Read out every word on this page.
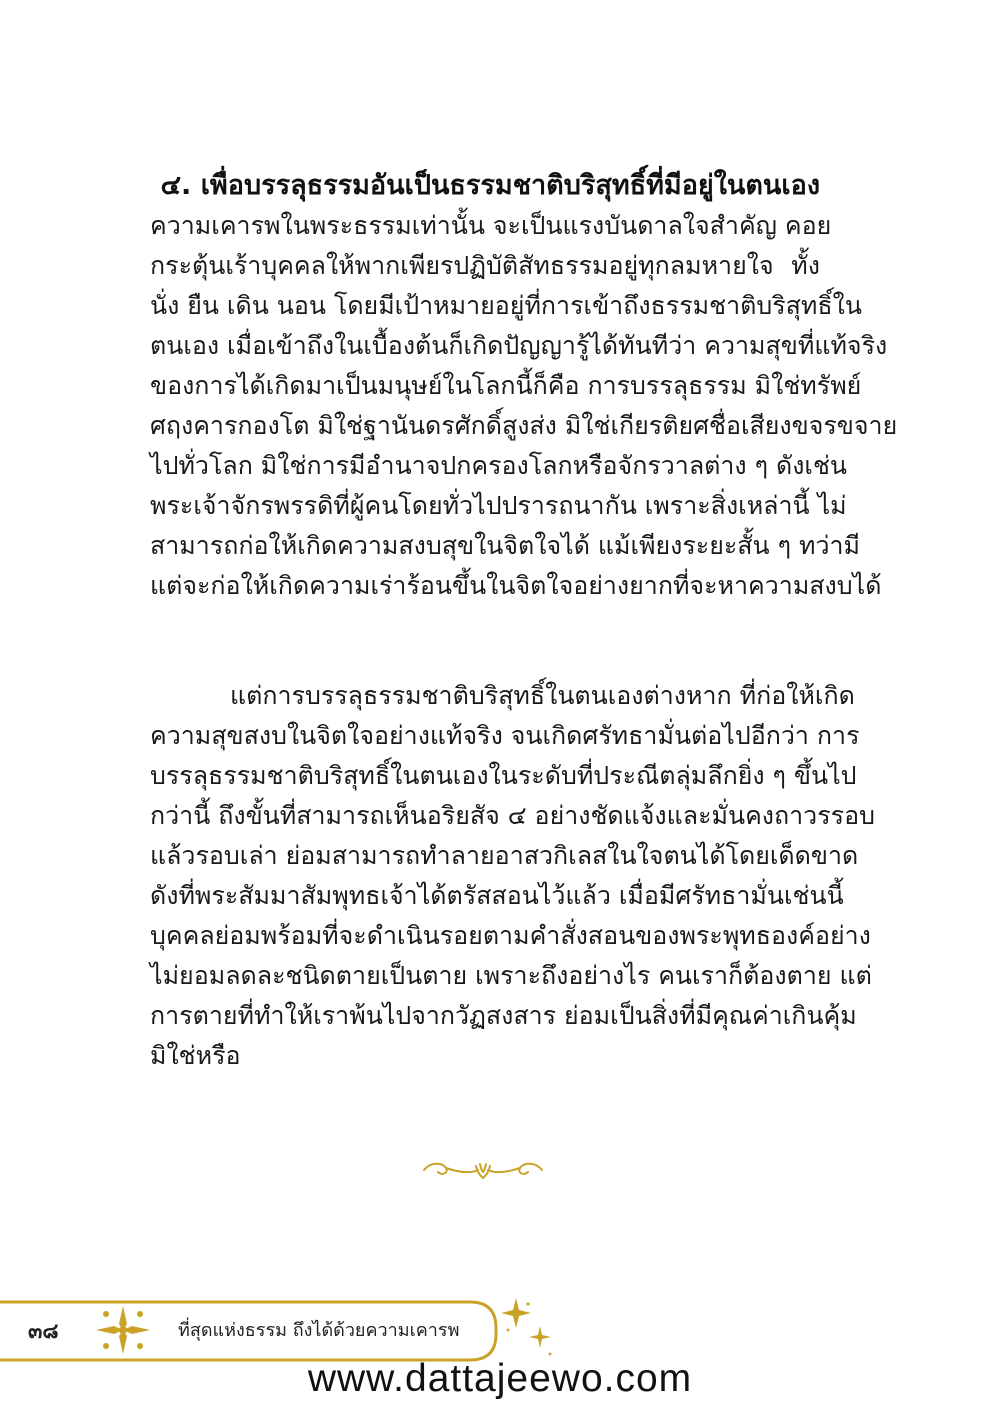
๔. เพื่อบรรลุธรรมอันเป็นธรรมชาติบริสุทธิ์ที่มีอยู่ในตนเอง
ความเคารพในพระธรรมเท่านั้น จะเป็นแรงบันดาลใจสำคัญ คอย
กระตุ้นเร้าบุคคลให้พากเพียรปฏิบัติสัทธรรมอยู่ทุกลมหายใจ ทั้ง
นั่ง ยืน เดิน นอน โดยมีเป้าหมายอยู่ที่การเข้าถึงธรรมชาติบริสุทธิ์ใน
ตนเอง เมื่อเข้าถึงในเบื้องต้นก็เกิดปัญญารู้ได้ทันทีว่า ความสุขที่แท้จริง
ของการได้เกิดมาเป็นมนุษย์ในโลกนี้ก็คือ การบรรลุธรรม มิใช่ทรัพย์
ศฤงคารกองโต มิใช่ฐานันดรศักดิ์สูงส่ง มิใช่เกียรติยศชื่อเสียงขจรขจาย
ไปทั่วโลก มิใช่การมีอำนาจปกครองโลกหรือจักรวาลต่าง ๆ ดังเช่น
พระเจ้าจักรพรรดิที่ผู้คนโดยทั่วไปปรารถนากัน เพราะสิ่งเหล่านี้ ไม่
สามารถก่อให้เกิดความสงบสุขในจิตใจได้ แม้เพียงระยะสั้น ๆ ทว่ามี
แต่จะก่อให้เกิดความเร่าร้อนขึ้นในจิตใจอย่างยากที่จะหาความสงบได้
แต่การบรรลุธรรมชาติบริสุทธิ์ในตนเองต่างหาก ที่ก่อให้เกิด
ความสุขสงบในจิตใจอย่างแท้จริง จนเกิดศรัทธามั่นต่อไปอีกว่า การ
บรรลุธรรมชาติบริสุทธิ์ในตนเองในระดับที่ประณีตลุ่มลึกยิ่ง ๆ ขึ้นไป
กว่านี้ ถึงขั้นที่สามารถเห็นอริยสัจ ๔ อย่างชัดแจ้งและมั่นคงถาวรรอบ
แล้วรอบเล่า ย่อมสามารถทำลายอาสวกิเลสในใจตนได้โดยเด็ดขาด
ดังที่พระสัมมาสัมพุทธเจ้าได้ตรัสสอนไว้แล้ว เมื่อมีศรัทธามั่นเช่นนี้
บุคคลย่อมพร้อมที่จะดำเนินรอยตามคำสั่งสอนของพระพุทธองค์อย่าง
ไม่ยอมลดละชนิดตายเป็นตาย เพราะถึงอย่างไร คนเราก็ต้องตาย แต่
การตายที่ทำให้เราพ้นไปจากวัฏสงสาร ย่อมเป็นสิ่งที่มีคุณค่าเกินคุ้ม
มิใช่หรือ
๓๘	ที่สุดแห่งธรรม ถึงได้ด้วยความเคารพ
www.dattajeewo.com
